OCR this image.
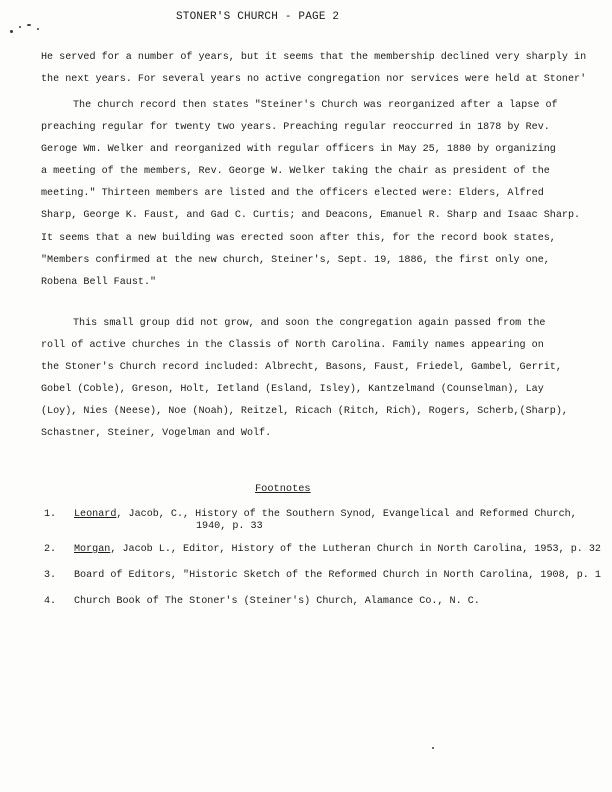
STONER'S CHURCH - PAGE 2
He served for a number of years, but it seems that the membership declined very sharply in
the next years. For several years no active congregation nor services were held at Stoner'
The church record then states "Steiner's Church was reorganized after a lapse of
preaching regular for twenty two years. Preaching regular reoccurred in 1878 by Rev.
Geroge Wm. Welker and reorganized with regular officers in May 25, 1880 by organizing
a meeting of the members, Rev. George W. Welker taking the chair as president of the
meeting." Thirteen members are listed and the officers elected were: Elders, Alfred
Sharp, George K. Faust, and Gad C. Curtis; and Deacons, Emanuel R. Sharp and Isaac Sharp.
It seems that a new building was erected soon after this, for the record book states,
"Members confirmed at the new church, Steiner's, Sept. 19, 1886, the first only one,
Robena Bell Faust."
This small group did not grow, and soon the congregation again passed from the
roll of active churches in the Classis of North Carolina. Family names appearing on
the Stoner's Church record included: Albrecht, Basons, Faust, Friedel, Gambel, Gerrit,
Gobel (Coble), Greson, Holt, Ietland (Esland, Isley), Kantzelmand (Counselman), Lay
(Loy), Nies (Neese), Noe (Noah), Reitzel, Ricach (Ritch, Rich), Rogers, Scherb,(Sharp),
Schastner, Steiner, Vogelman and Wolf.
Footnotes
1. Leonard, Jacob, C., History of the Southern Synod, Evangelical and Reformed Church,
1940, p. 33
2. Morgan, Jacob L., Editor, History of the Lutheran Church in North Carolina, 1953, p. 32
3. Board of Editors, "Historic Sketch of the Reformed Church in North Carolina, 1908, p. 1
4. Church Book of The Stoner's (Steiner's) Church, Alamance Co., N. C.
